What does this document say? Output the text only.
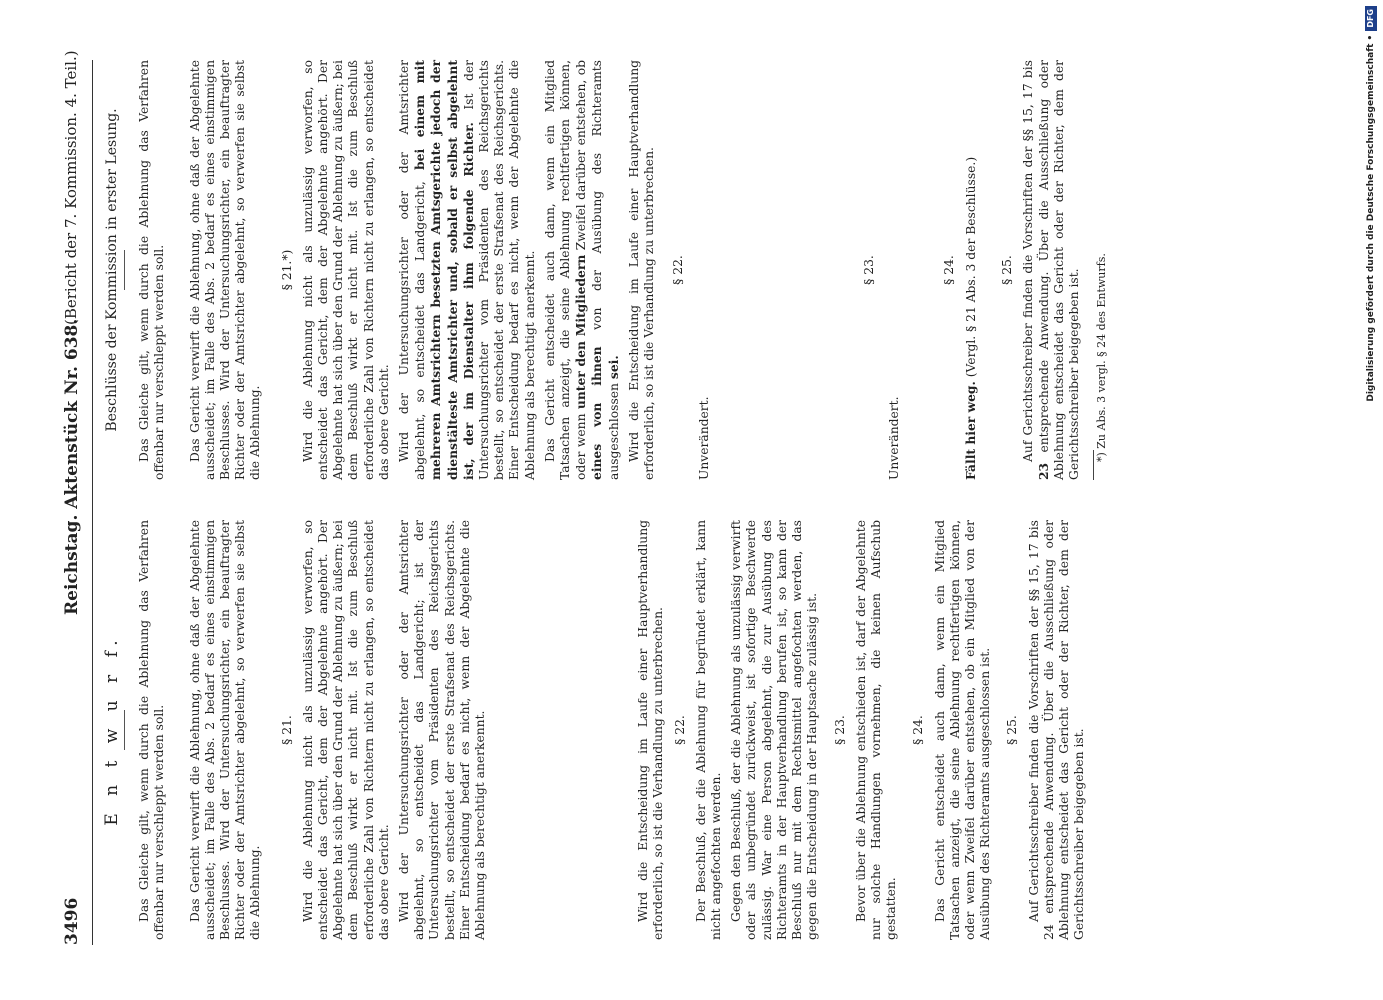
3496
Reichstag. Aktenstück Nr. 638.
(Bericht der 7. Kommission. 4. Teil.)
E n t w u r f. Das Gleiche gilt, wenn durch die Ablehnung das Verfahren offenbar nur verschleppt werden soll. Das Gericht verwirft die Ablehnung, ohne daß der Abgelehnte ausscheidet; im Falle des Abs. 2 bedarf es eines einstimmigen Beschlusses. Wird der Untersuchungsrichter, ein beauftragter Richter oder der Amtsrichter abgelehnt, so verwerfen sie selbst die Ablehnung.

§ 21. Wird die Ablehnung nicht als unzulässig verworfen, so entscheidet das Gericht, dem der Abgelehnte angehört. Der Abgelehnte hat sich über den Grund der Ablehnung zu äußern; bei dem Beschluß wirkt er nicht mit. Ist die zum Beschluß erforderliche Zahl von Richtern nicht zu erlangen, so entscheidet das obere Gericht. Wird der Untersuchungsrichter oder der Amtsrichter abgelehnt, so entscheidet das Landgericht; ist der Untersuchungsrichter vom Präsidenten des Reichsgerichts bestellt, so entscheidet der erste Strafsenat des Reichsgerichts. Einer Entscheidung bedarf es nicht, wenn der Abgelehnte die Ablehnung als berechtigt anerkennt.	Wird die Entscheidung im Laufe einer Hauptverhandlung erforderlich, so ist die Verhandlung zu unterbrechen. § 22. Der Beschluß, der die Ablehnung für begründet erklärt, kann nicht angefochten werden. Gegen den Beschluß, der die Ablehnung als unzulässig verwirft oder als unbegründet zurückweist, ist sofortige Beschwerde zulässig. War eine Person abgelehnt, die zur Ausübung des Richteramts in der Hauptverhandlung berufen ist, so kann der Beschluß nur mit dem Rechtsmittel angefochten werden, das gegen die Entscheidung in der Hauptsache zulässig ist. § 23. Bevor über die Ablehnung entschieden ist, darf der Abgelehnte nur solche Handlungen vornehmen, die keinen Aufschub gestatten.

§ 24. Das Gericht entscheidet auch dann, wenn ein Mitglied Tatsachen anzeigt, die seine Ablehnung rechtfertigen können, oder wenn Zweifel darüber entstehen, ob ein Mitglied von der Ausübung des Richteramts ausgeschlossen ist. § 25. Auf Gerichtsschreiber finden die Vorschriften der §§ 15, 17 bis 24 entsprechende Anwendung. Über die Ausschließung oder Ablehnung entscheidet das Gericht oder der Richter, dem der Gerichtsschreiber beigegeben ist.

Beschlüsse der Kommission in erster Lesung. Das Gleiche gilt, wenn durch die Ablehnung das Verfahren offenbar nur verschleppt werden soll. Das Gericht verwirft die Ablehnung, ohne daß der Abgelehnte ausscheidet; im Falle des Abs. 2 bedarf es eines einstimmigen Beschlusses. Wird der Untersuchungsrichter, ein beauftragter Richter oder der Amtsrichter abgelehnt, so verwerfen sie selbst die Ablehnung.

§ 21.*) Wird die Ablehnung nicht als unzulässig verworfen, so entscheidet das Gericht, dem der Abgelehnte angehört. Der Abgelehnte hat sich über den Grund der Ablehnung zu äußern; bei dem Beschluß wirkt er nicht mit. Ist die zum Beschluß erforderliche Zahl von Richtern nicht zu erlangen, so entscheidet das obere Gericht. Wird der Untersuchungsrichter oder der Amtsrichter abgelehnt, so entscheidet das Landgericht, bei einem mit mehreren Amtsrichtern besetzten Amtsgerichte jedoch der dienstälteste Amtsrichter und, sobald er selbst abgelehnt ist, der im Dienstalter ihm folgende Richter. Ist der Untersuchungsrichter vom Präsidenten des Reichsgerichts bestellt, so entscheidet der erste Strafsenat des Reichsgerichts. Einer Entscheidung bedarf es nicht, wenn der Abgelehnte die Ablehnung als berechtigt anerkennt. Das Gericht entscheidet auch dann, wenn ein Mitglied Tatsachen anzeigt, die seine Ablehnung rechtfertigen können, oder wenn unter den Mitgliedern Zweifel darüber entstehen, ob eines von ihnen von der Ausübung des Richteramts ausgeschlossen sei. Wird die Entscheidung im Laufe einer Hauptverhandlung erforderlich, so ist die Verhandlung zu unterbrechen. § 22.

Unverändert.

§ 23.

Unverändert.

§ 24.

Fällt hier weg. (Vergl. § 21 Abs. 3 der Beschlüsse.) § 25. Auf Gerichtsschreiber finden die Vorschriften der §§ 15, 17 bis 23 entsprechende Anwendung. Über die Ausschließung oder Ablehnung entscheidet das Gericht oder der Richter, dem der Gerichtsschreiber beigegeben ist. *) Zu Abs. 3 vergl. § 24 des Entwurfs.	Digitalisierung gefördert durch die Deutsche Forschungsgemeinschaft •DFG
